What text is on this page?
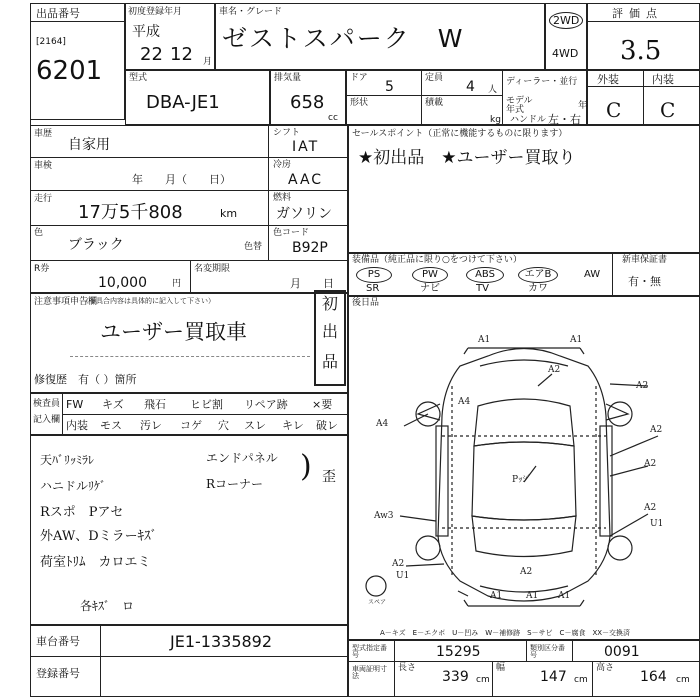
出品番号
[2164]
6201
初度登録年月
平成
22 12 月
車名・グレード
ゼストスパーク　W
2WD
4WD
評価点
3.5
型式
DBA-JE1
排気量
658
cc
ドア
5
定員
4 人
形状	積載
kg
ディーラー・並行
モデル年式	年
ハンドル 左・右
外装	内装
C C
車歴
自家用
車検
年　　月（　　日）
走行
17万5千808	km
色
ブラック	色替
シフト
IAT
冷房
AAC
燃料
ガソリン
色コード
B92P
R券
10,000	円
名変期限
月　　日
セールスポイント（正常に機能するものに限ります）
★初出品　★ユーザー買取り
装備品（純正品に限り○をつけて下さい）
PS	PW	ABS	エアB	AW
SR	ナビ	TV	カワ
新車保証書
有・無
後日品
注意事項申告欄
（不具合内容は具体的に記入して下さい）
ユーザー買取車
初
出
品
修復歴　有（ ）箇所
検査員
記入欄
FW キズ 飛石 ヒビ割 リペア跡 ×要
内装 モス 汚レ コゲ 穴 スレ キレ 破レ
天ﾊﾞﾘｯﾐﾗﾚ
ハニドルﾘｹﾞ
Rスポ　Pアセ
外AW、Dミラーｷｽﾞ
荷室ﾄﾘﾑ　カロエミ
エンドパネル
Rコーナー ) 歪
各ｷｽﾞ　ロ
A1	A1
A1	A1 A1
A2
A2
A2
A2
A2
A2
A2
A4
A4
Aw3
Pｯｼﾞ
U1
U1
スペア
A－キズ　E－エクボ　U－凹み　W－補修跡　S－サビ　C－腐食　XX－交換済
車台番号	JE1-1335892
登録番号
型式指定番号	15295	類別区分番号	0091
車両証明寸法
長さ
339 cm
幅
147 cm
高さ
164 cm
